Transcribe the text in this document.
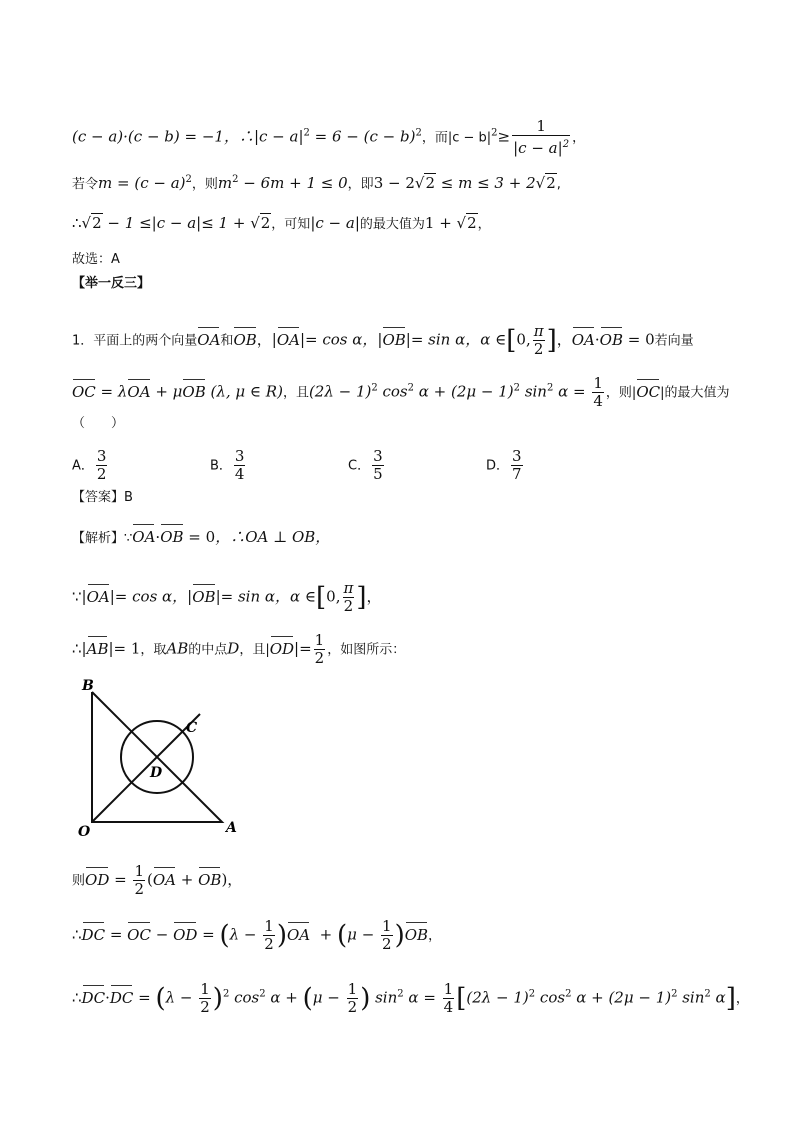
(c − a)·(c − b) = −1，∴|c − $a|^2 = 6 - (c - b)^2$，而$|c - b|^2\ge \frac{1}{|c - a|^2}$ ，
若令$m = (c - a)^2$，则$m^2 - 6m + 1 \le 0$，即3 − 2√2 ≤ m ≤ 3 + 2√2,
∴√2 − 1 ≤|c − a|≤ 1 + √2，可知|c − a|的最大值为1 + √2，
故选：A
【举一反三】
1．平面上的两个向量OA和OB，|OA|= cos α，|OB|= sin α，α ∈[0, $\frac{\pi}{2}$ ]，OA·OB = 0若向量
OC = λOA + μOB (λ, μ ∈ R)，且$(2\lambda - 1)^2$ $\cos^2 \alpha + (2\mu - 1)^2$ $\sin^2 \alpha = \frac{1}{4}$ ，则|OC|的最大值为
（　　）
A． $\frac{3}{2}$	B． $\frac{3}{4}$	C． $\frac{3}{5}$	D． $\frac{3}{7}$
【答案】B
【解析】∵OA·OB = 0，∴OA ⊥ OB，
∵|OA|= cos α，|OB|= sin α，α ∈[0, $\frac{\pi}{2}$ ]，
∴|AB|= 1，取AB的中点D，且$|OD|= \frac{1}{2}$ ，如图所示：
B
C
D
O	A
则OD = $\frac{1}{2} (OA + OB)$，
∴DC = OC − OD = $(\lambda - \frac{1}{2} )OA + (\mu - \frac{1}{2} )OB$，
∴DC·DC = $(\lambda - \frac{1}{2} )^2$ $\cos^2 \alpha + (\mu - \frac{1}{2}$ ) $\sin^2 \alpha = \frac{1}{4} [(2\lambda - 1)^2$ $\cos^2 \alpha + (2\mu - 1)^2$ $\sin^2 \alpha$]，
